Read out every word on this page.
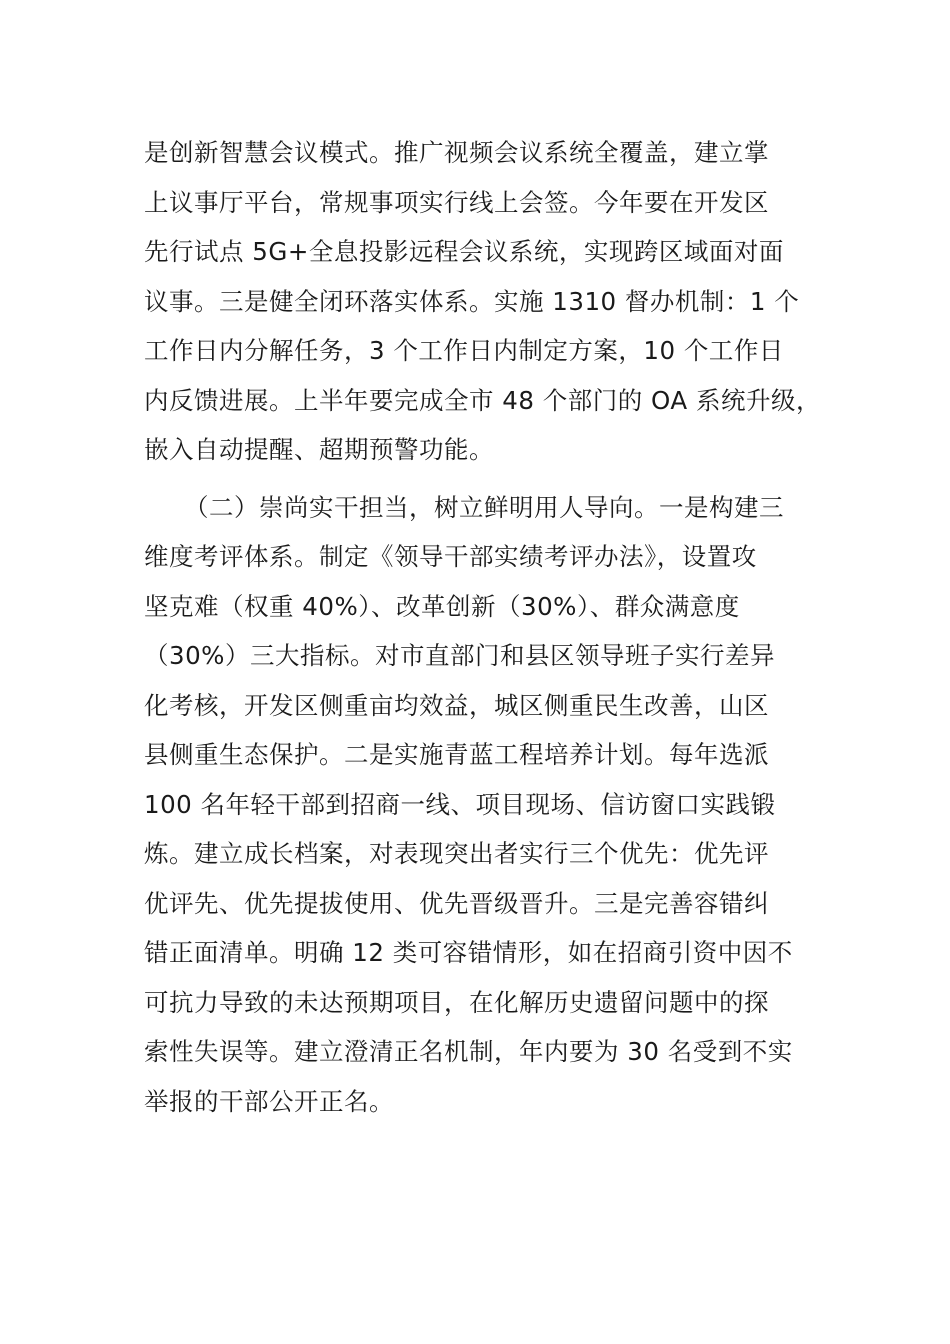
是创新智慧会议模式。推广视频会议系统全覆盖，建立掌
上议事厅平台，常规事项实行线上会签。今年要在开发区
先行试点 5G+全息投影远程会议系统，实现跨区域面对面
议事。三是健全闭环落实体系。实施 1310 督办机制：1 个
工作日内分解任务，3 个工作日内制定方案，10 个工作日
内反馈进展。上半年要完成全市 48 个部门的 OA 系统升级，
嵌入自动提醒、超期预警功能。
（二）崇尚实干担当，树立鲜明用人导向。一是构建三
维度考评体系。制定《领导干部实绩考评办法》，设置攻
坚克难（权重 40%）、改革创新（30%）、群众满意度
（30%）三大指标。对市直部门和县区领导班子实行差异
化考核，开发区侧重亩均效益，城区侧重民生改善，山区
县侧重生态保护。二是实施青蓝工程培养计划。每年选派
100 名年轻干部到招商一线、项目现场、信访窗口实践锻
炼。建立成长档案，对表现突出者实行三个优先：优先评
优评先、优先提拔使用、优先晋级晋升。三是完善容错纠
错正面清单。明确 12 类可容错情形，如在招商引资中因不
可抗力导致的未达预期项目，在化解历史遗留问题中的探
索性失误等。建立澄清正名机制，年内要为 30 名受到不实
举报的干部公开正名。
